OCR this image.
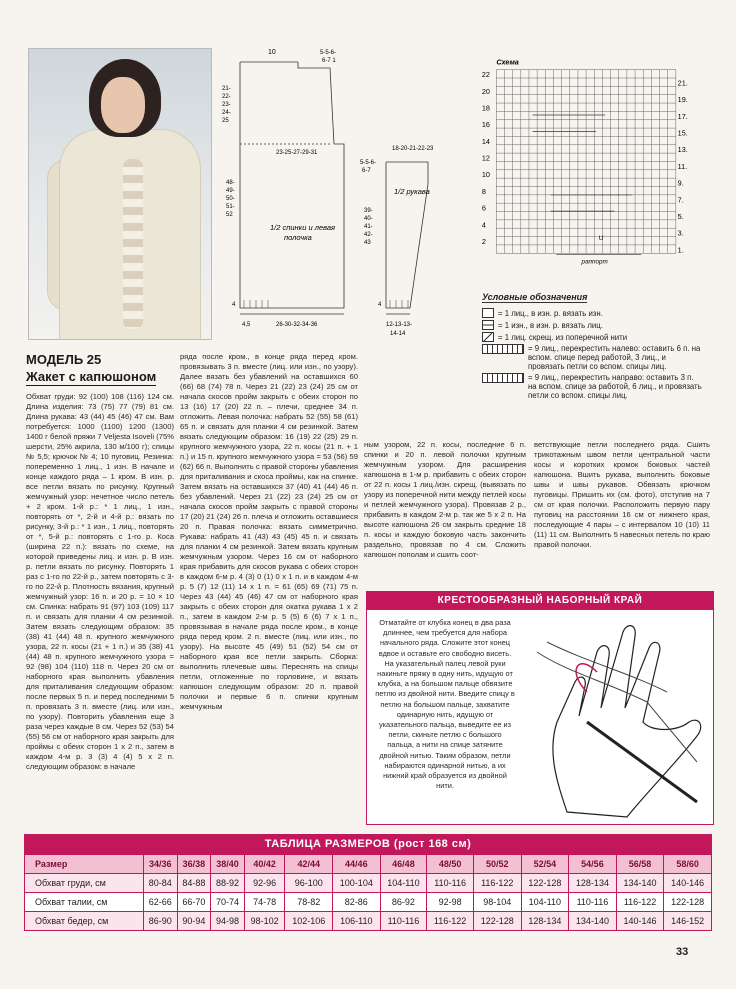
10	5-5-6-
6-7 1
21-
22-
23-
24-
25
23-25-27-29-31
48-
49-
50-
51-
52
1/2 спинки и левая
полочка
18-20-21-22-23
5-5-6-
6-7
1/2 рукава
39-
40-
41-
42-
43
4
4,5	26-30-32-34-36
4
12-13-13-
14-14
Схема
22
20
18
16
14
12
10
8
6
4
2
21.
19.
17.
15.
13.
11.
9.
7.
5.
3.
1.
U
раппорт
Условные обозначения
= 1 лиц., в изн. р. вязать изн.
= 1 изн., в изн. р. вязать лиц.
= 1 лиц. скрещ. из поперечной нити
= 9 лиц., перекрестить налево: оставить 6 п. на вспом. спице перед работой, 3 лиц., и провязать петли со вспом. спицы лиц.
= 9 лиц., перекрестить направо: оставить 3 п. на вспом. спице за работой, 6 лиц., и провязать петли со вспом. спицы лиц.
МОДЕЛЬ 25
Жакет с капюшоном
Обхват груди: 92 (100) 108 (116) 124 см. Длина изделия: 73 (75) 77 (79) 81 см. Длина рукава: 43 (44) 45 (46) 47 см. Вам потребуется: 1000 (1100) 1200 (1300) 1400 г белой пряжи 7 Veljesta Isoveli (75% шерсти, 25% акрила, 130 м/100 г); спицы № 5,5; крючок № 4; 10 пуговиц. Резинка: попеременно 1 лиц., 1 изн. В начале и конце каждого ряда – 1 кром. В изн. р. все петли вязать по рисунку. Крупный жемчужный узор: нечетное число петель + 2 кром. 1-й р.: * 1 лиц., 1 изн., повторять от *, 2-й и 4-й р.: вязать по рисунку, 3-й р.: * 1 изн., 1 лиц., повторять от *, 5-й р.: повторять с 1-го р. Коса (ширина 22 п.): вязать по схеме, на которой приведены лиц. и изн. р. В изн. р. петли вязать по рисунку. Повторять 1 раз с 1-го по 22-й р., затем повторять с 3-го по 22-й р. Плотность вязания, крупный жемчужный узор: 16 п. и 20 р. = 10 × 10 см. Спинка: набрать 91 (97) 103 (109) 117 п. и связать для планки 4 см резинкой. Затем вязать следующим образом: 35 (38) 41 (44) 48 п. крупного жемчужного узора, 22 п. косы (21 + 1 п.) и 35 (38) 41 (44) 48 п. крупного жемчужного узора = 92 (98) 104 (110) 118 п. Через 20 см от наборного края выполнить убавления для приталивания следующим образом: после первых 5 п. и перед последними 5 п. провязать 3 п. вместе (лиц. или изн., по узору). Повторить убавления еще 3 раза через каждые 8 см. Через 52 (53) 54 (55) 56 см от наборного края закрыть для проймы с обеих сторон 1 х 2 п., затем в каждом 4-м р. 3 (3) 4 (4) 5 х 2 п. следующим образом: в начале
ряда после кром., в конце ряда перед кром. провязывать 3 п. вместе (лиц. или изн., по узору). Далее вязать без убавлений на оставшихся 60 (66) 68 (74) 78 п. Через 21 (22) 23 (24) 25 см от начала скосов пройм закрыть с обеих сторон по 13 (16) 17 (20) 22 п. – плечи, среднее 34 п. отложить. Левая полочка: набрать 52 (55) 58 (61) 65 п. и связать для планки 4 см резинкой. Затем вязать следующим образом: 16 (19) 22 (25) 29 п. крупного жемчужного узора, 22 п. косы (21 п. + 1 п.) и 15 п. крупного жемчужного узора = 53 (56) 59 (62) 66 п. Выполнить с правой стороны убавления для приталивания и скоса проймы, как на спинке. Затем вязать на оставшихся 37 (40) 41 (44) 46 п. без убавлений. Через 21 (22) 23 (24) 25 см от начала скосов пройм закрыть с правой стороны 17 (20) 21 (24) 26 п. плеча и отложить оставшиеся 20 п. Правая полочка: вязать симметрично. Рукава: набрать 41 (43) 43 (45) 45 п. и связать для планки 4 см резинкой. Затем вязать крупным жемчужным узором. Через 16 см от наборного края прибавить для скосов рукава с обеих сторон в каждом 6-м р. 4 (3) 0 (1) 0 х 1 п. и в каждом 4-м р. 5 (7) 12 (11) 14 х 1 п. = 61 (65) 69 (71) 75 п. Через 43 (44) 45 (46) 47 см от наборного края закрыть с обеих сторон для окатка рукава 1 х 2 п., затем в каждом 2-м р. 5 (5) 6 (6) 7 х 1 п., провязывая в начале ряда после кром., в конце ряда перед кром. 2 п. вместе (лиц. или изн., по узору). На высоте 45 (49) 51 (52) 54 см от наборного края все петли закрыть. Сборка: выполнить плечевые швы. Переснять на спицы петли, отложенные по горловине, и вязать капюшон следующим образом: 20 п. правой полочки и первые 6 п. спинки крупным жемчужным
ным узором, 22 п. косы, последние 6 п. спинки и 20 п. левой полочки крупным жемчужным узором. Для расширения капюшона в 1-м р. прибавить с обеих сторон от 22 п. косы 1 лиц./изн. скрещ. (вывязать по узору из поперечной нити между петлей косы и петлей жемчужного узора). Провязав 2 р., прибавить в каждом 2-м р. так же 5 х 2 п. На высоте капюшона 26 см закрыть средние 18 п. косы и каждую боковую часть закончить раздельно, провязав по 4 см. Сложить капюшон пополам и сшить соот-
ветствующие петли последнего ряда. Сшить трикотажным швом петли центральной части косы и коротких кромок боковых частей капюшона. Вшить рукава, выполнить боковые швы и швы рукавов. Обвязать крючком пуговицы. Пришить их (см. фото), отступив на 7 см от края полочки. Расположить первую пару пуговиц на расстоянии 16 см от нижнего края, последующие 4 пары – с интервалом 10 (10) 11 (11) 11 см. Выполнить 5 навесных петель по краю правой полочки.
КРЕСТООБРАЗНЫЙ НАБОРНЫЙ КРАЙ
Отматайте от клубка конец в два раза длиннее, чем требуется для набора начального ряда. Сложите этот конец вдвое и оставьте его свободно висеть. На указательный палец левой руки накиньте пряжу в одну нить, идущую от клубка, а на большом пальце обвязите петлю из двойной нити. Введите спицу в петлю на большом пальце, захватите одинарную нить, идущую от указательного пальца, выведите ее из петли, скиньте петлю с большого пальца, а нити на спице затяните двойной нитью. Таким образом, петли набираются одинарной нитью, а их нижний край образуется из двойной нити.
ТАБЛИЦА РАЗМЕРОВ (рост 168 см)
Размер	34/36	36/38	38/40	40/42	42/44	44/46	46/48	48/50	50/52	52/54	54/56	56/58	58/60
Обхват груди, см	80-84	84-88	88-92	92-96	96-100	100-104	104-110	110-116	116-122	122-128	128-134	134-140	140-146
Обхват талии, см	62-66	66-70	70-74	74-78	78-82	82-86	86-92	92-98	98-104	104-110	110-116	116-122	122-128
Обхват бедер, см	86-90	90-94	94-98	98-102	102-106	106-110	110-116	116-122	122-128	128-134	134-140	140-146	146-152
33
